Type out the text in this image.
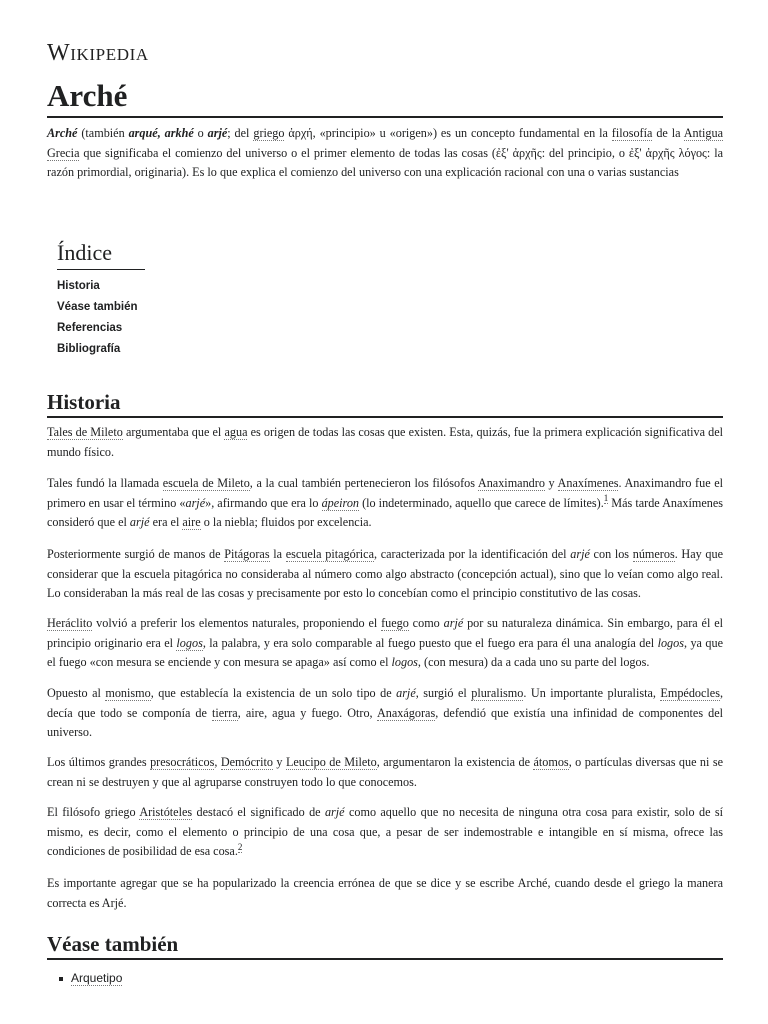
Wikipedia
Arché

Arché (también arqué, arkhé o arjé; del griego ἀρχή, «principio» u «origen») es un concepto fundamental en la filosofía de la Antigua Grecia que significaba el comienzo del universo o el primer elemento de todas las cosas (ἐξ' ἀρχῆς: del principio, o ἐξ' ἀρχῆς λόγος: la razón primordial, originaria). Es lo que explica el comienzo del universo con una explicación racional con una o varias sustancias

Índice
Historia
Véase también
Referencias
Bibliografía
Historia

Tales de Mileto argumentaba que el agua es origen de todas las cosas que existen. Esta, quizás, fue la primera explicación significativa del mundo físico.

Tales fundó la llamada escuela de Mileto, a la cual también pertenecieron los filósofos Anaximandro y Anaxímenes. Anaximandro fue el primero en usar el término «arjé», afirmando que era lo ápeiron (lo indeterminado, aquello que carece de límites).$^1$ Más tarde Anaxímenes consideró que el arjé era el aire o la niebla; fluidos por excelencia.

Posteriormente surgió de manos de Pitágoras la escuela pitagórica, caracterizada por la identificación del arjé con los números. Hay que considerar que la escuela pitagórica no consideraba al número como algo abstracto (concepción actual), sino que lo veían como algo real. Lo consideraban la más real de las cosas y precisamente por esto lo concebían como el principio constitutivo de las cosas.

Heráclito volvió a preferir los elementos naturales, proponiendo el fuego como arjé por su naturaleza dinámica. Sin embargo, para él el principio originario era el logos, la palabra, y era solo comparable al fuego puesto que el fuego era para él una analogía del logos, ya que el fuego «con mesura se enciende y con mesura se apaga» así como el logos, (con mesura) da a cada uno su parte del logos.

Opuesto al monismo, que establecía la existencia de un solo tipo de arjé, surgió el pluralismo. Un importante pluralista, Empédocles, decía que todo se componía de tierra, aire, agua y fuego. Otro, Anaxágoras, defendió que existía una infinidad de componentes del universo.

Los últimos grandes presocráticos, Demócrito y Leucipo de Mileto, argumentaron la existencia de átomos, o partículas diversas que ni se crean ni se destruyen y que al agruparse construyen todo lo que conocemos.

El filósofo griego Aristóteles destacó el significado de arjé como aquello que no necesita de ninguna otra cosa para existir, solo de sí mismo, es decir, como el elemento o principio de una cosa que, a pesar de ser indemostrable e intangible en sí misma, ofrece las condiciones de posibilidad de esa cosa.$^2$

Es importante agregar que se ha popularizado la creencia errónea de que se dice y se escribe Arché, cuando desde el griego la manera correcta es Arjé.

Véase también
Arquetipo
